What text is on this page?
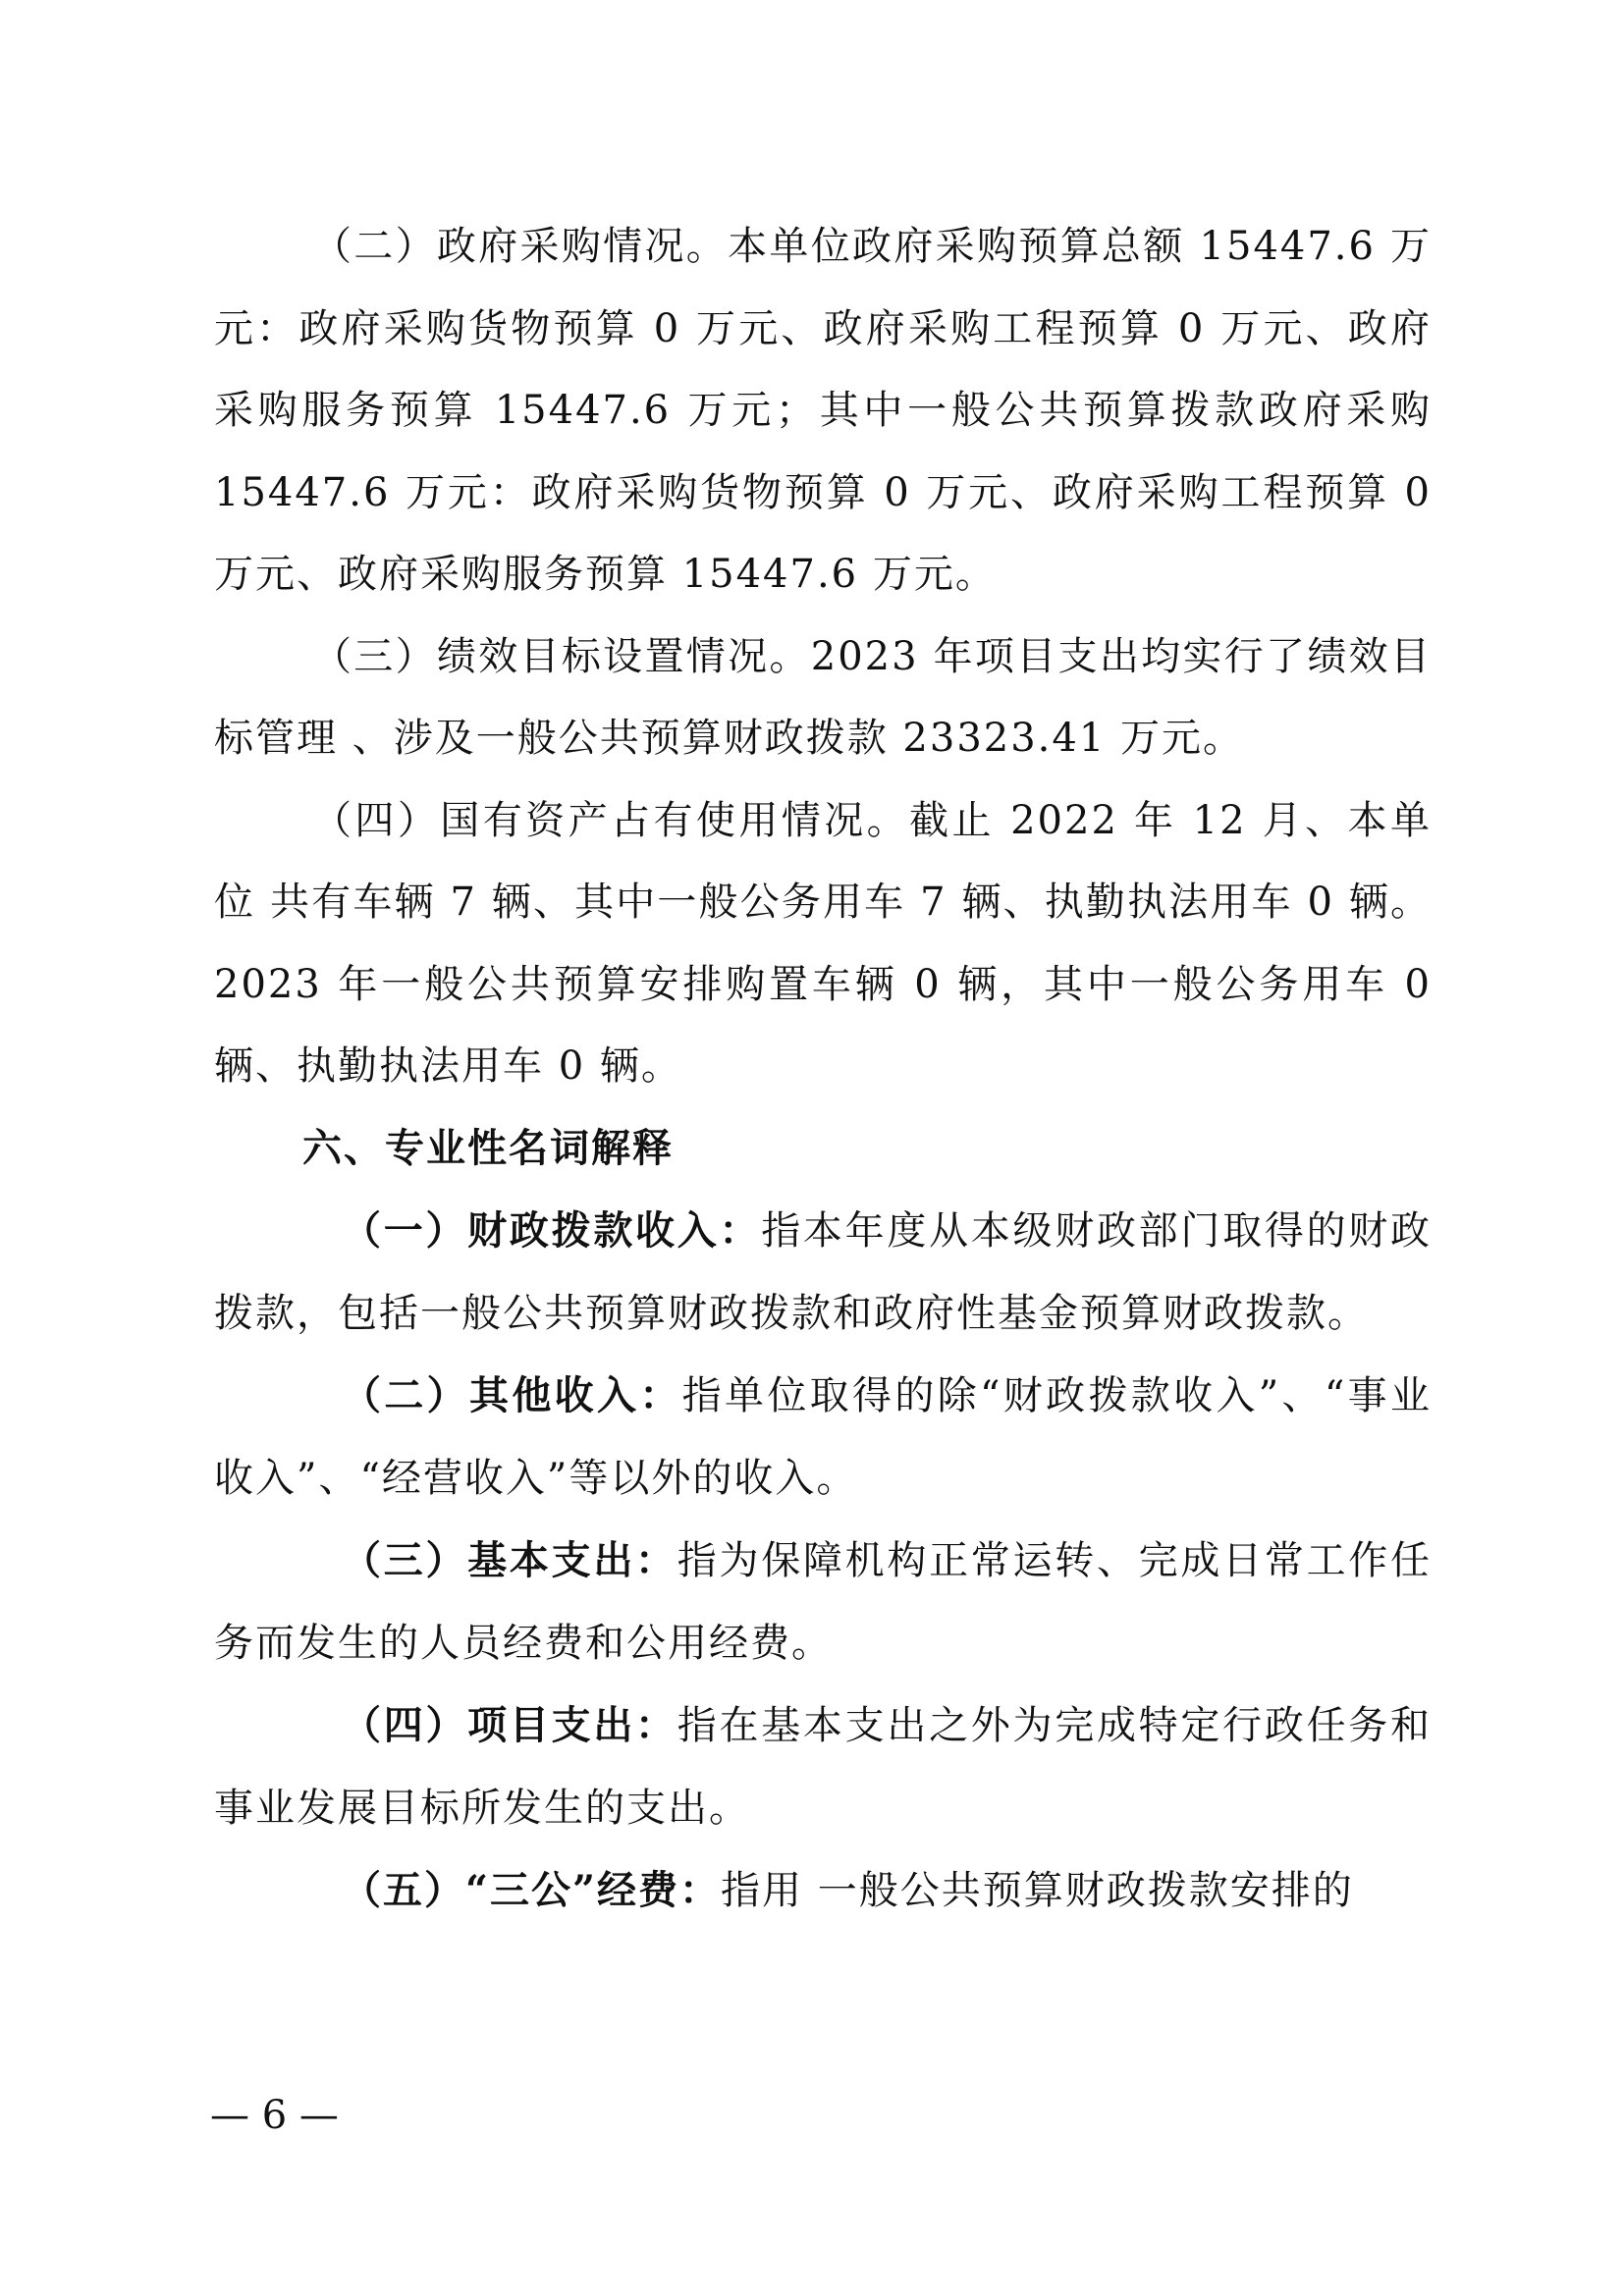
（二）政府采购情况。本单位政府采购预算总额 15447.6 万元：政府采购货物预算 0 万元、政府采购工程预算 0 万元、政府采购服务预算 15447.6 万元；其中一般公共预算拨款政府采购 15447.6 万元：政府采购货物预算 0 万元、政府采购工程预算 0 万元、政府采购服务预算 15447.6 万元。

（三）绩效目标设置情况。2023 年项目支出均实行了绩效目标管理 、涉及一般公共预算财政拨款 23323.41 万元。

（四）国有资产占有使用情况。截止 2022 年 12 月、本单位 共有车辆 7 辆、其中一般公务用车 7 辆、执勤执法用车 0 辆。2023 年一般公共预算安排购置车辆 0 辆，其中一般公务用车 0 辆、执勤执法用车 0 辆。

六、专业性名词解释

（一）财政拨款收入：指本年度从本级财政部门取得的财政拨款，包括一般公共预算财政拨款和政府性基金预算财政拨款。

（二）其他收入：指单位取得的除“财政拨款收入”、“事业收入”、“经营收入”等以外的收入。

（三）基本支出：指为保障机构正常运转、完成日常工作任务而发生的人员经费和公用经费。

（四）项目支出：指在基本支出之外为完成特定行政任务和事业发展目标所发生的支出。

（五）“三公”经费：指用 一般公共预算财政拨款安排的

— 6 —
